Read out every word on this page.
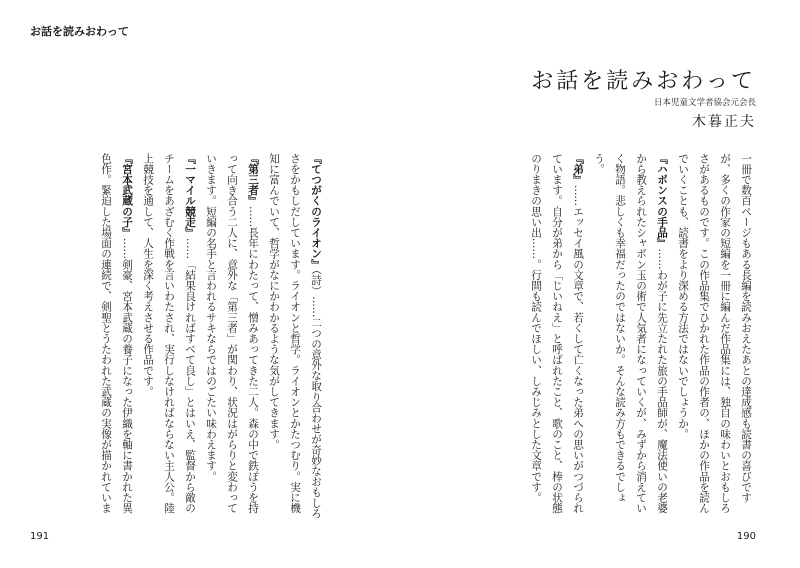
お話を読みおわって
お話を読みおわって
日本児童文学者協会元会長
木暮正夫

一冊で数百ページもある長編を読みおえたあとの達成感も読書の喜びですが、多くの作家の短編を一冊に編んだ作品集には、独自の味わいとおもしろさがあるものです。この作品集でひかれた作品の作者の、ほかの作品を読んでいくことも、読書をより深める方法ではないでしょうか。

『ハボンスの手品』……わが子に先立たれた旅の手品師が、魔法使いの老婆から教えられたシャボン玉の術で人気者になっていくが、みずから消えていく物語。悲しくも幸福だったのではないか。そんな読み方もできるでしょう。

『弟』……エッセイ風の文章で、若くして亡くなった弟への思いがつづられています。自分が弟から「じいねえ」と呼ばれたこと、歌のこと、棒の状態のりまきの思い出……。行間も読んでほしい、しみじみとした文章です。

『てつがくのライオン』（詩）……二つの意外な取り合わせが奇妙なおもしろさをかもしだしています。ライオンと哲学。ライオンとかたつむり。実に機知に富んでいて、哲学がなにかわかるような気がしてきます。

『第三者』……長年にわたって、憎みあってきた二人。森の中で鉄ぽうを持って向き合う二人に、意外な「第三者」が関わり、状況はがらりと変わっていきます。短編の名手と言われるサキならではのごたい味わえます。

『一マイル競走』……「結果良ければすべて良し」とはいえ、監督から敵のチームをあざむく作戦を言いわたされ、実行しなければならない主人公。陸上競技を通して、人生を深く考えさせる作品です。

『宮本武蔵の子』……剣豪、宮本武蔵の養子になった伊織を軸に書かれた異色作。緊迫した場面の連続で、剣聖とうたわれた武蔵の実像が描かれていま

191	190
